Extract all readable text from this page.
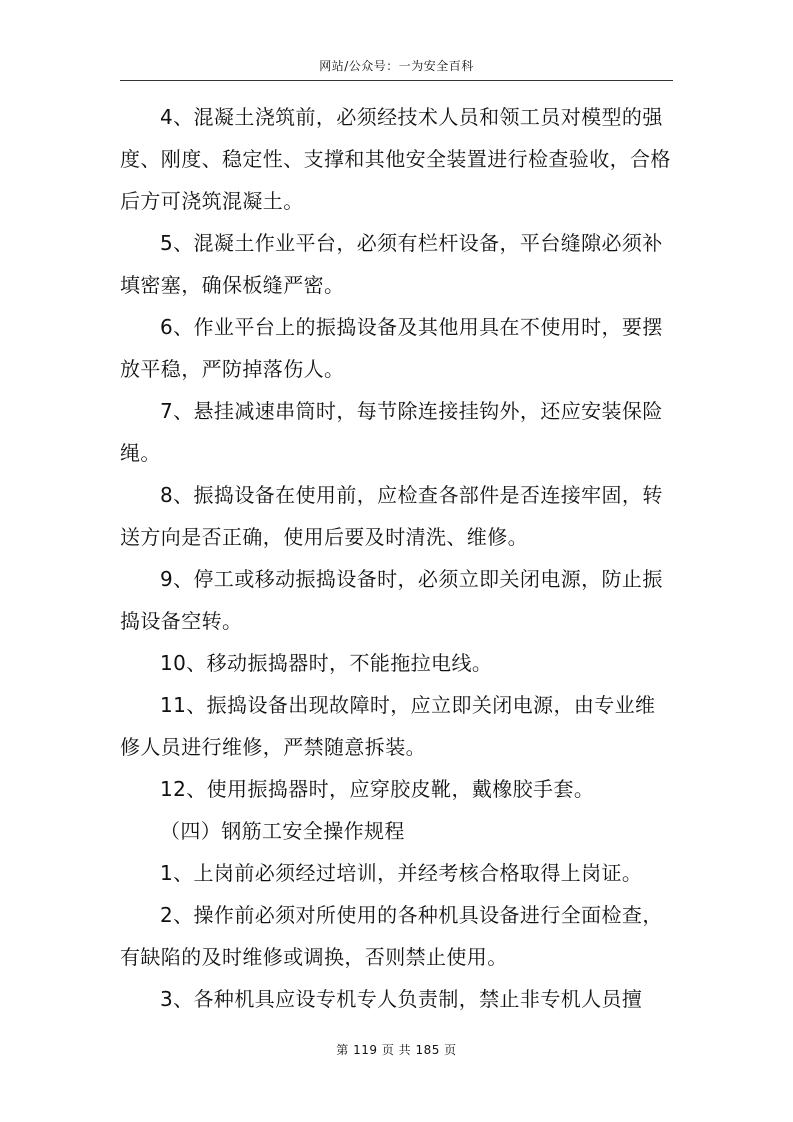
网站/公众号：一为安全百科

4、混凝土浇筑前，必须经技术人员和领工员对模型的强度、刚度、稳定性、支撑和其他安全装置进行检查验收，合格后方可浇筑混凝土。

5、混凝土作业平台，必须有栏杆设备，平台缝隙必须补填密塞，确保板缝严密。

6、作业平台上的振捣设备及其他用具在不使用时，要摆放平稳，严防掉落伤人。

7、悬挂减速串筒时，每节除连接挂钩外，还应安装保险绳。

8、振捣设备在使用前，应检查各部件是否连接牢固，转送方向是否正确，使用后要及时清洗、维修。

9、停工或移动振捣设备时，必须立即关闭电源，防止振捣设备空转。

10、移动振捣器时，不能拖拉电线。

11、振捣设备出现故障时，应立即关闭电源，由专业维修人员进行维修，严禁随意拆装。

12、使用振捣器时，应穿胶皮靴，戴橡胶手套。

（四）钢筋工安全操作规程

1、上岗前必须经过培训，并经考核合格取得上岗证。

2、操作前必须对所使用的各种机具设备进行全面检查，有缺陷的及时维修或调换，否则禁止使用。

3、各种机具应设专机专人负责制，禁止非专机人员擅

第 119 页 共 185 页
